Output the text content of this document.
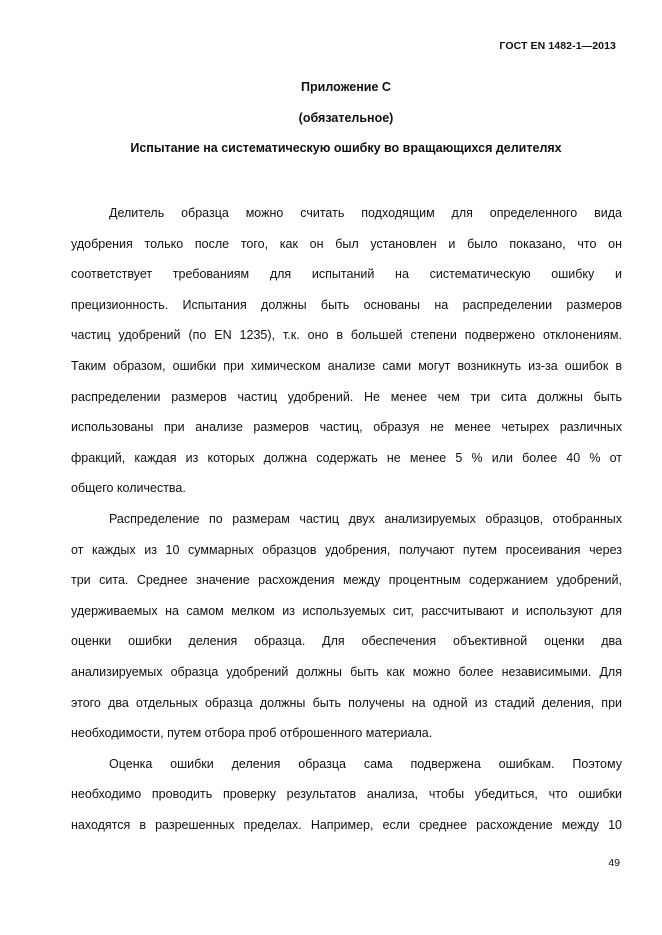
ГОСТ EN 1482-1—2013
Приложение С
(обязательное)
Испытание на систематическую ошибку во вращающихся делителях
Делитель образца можно считать подходящим для определенного вида
удобрения только после того, как он был установлен и было показано, что он
соответствует требованиям для испытаний на систематическую ошибку и
прецизионность. Испытания должны быть основаны на распределении размеров
частиц удобрений (по EN 1235), т.к. оно в большей степени подвержено отклонениям.
Таким образом, ошибки при химическом анализе сами могут возникнуть из-за ошибок в
распределении размеров частиц удобрений. Не менее чем три сита должны быть
использованы при анализе размеров частиц, образуя не менее четырех различных
фракций, каждая из которых должна содержать не менее 5 % или более 40 % от
общего количества.
Распределение по размерам частиц двух анализируемых образцов, отобранных
от каждых из 10 суммарных образцов удобрения, получают путем просеивания через
три сита. Среднее значение расхождения между процентным содержанием удобрений,
удерживаемых на самом мелком из используемых сит, рассчитывают и используют для
оценки ошибки деления образца. Для обеспечения объективной оценки два
анализируемых образца удобрений должны быть как можно более независимыми. Для
этого два отдельных образца должны быть получены на одной из стадий деления, при
необходимости, путем отбора проб отброшенного материала.
Оценка ошибки деления образца сама подвержена ошибкам. Поэтому
необходимо проводить проверку результатов анализа, чтобы убедиться, что ошибки
находятся в разрешенных пределах. Например, если среднее расхождение между 10
49
